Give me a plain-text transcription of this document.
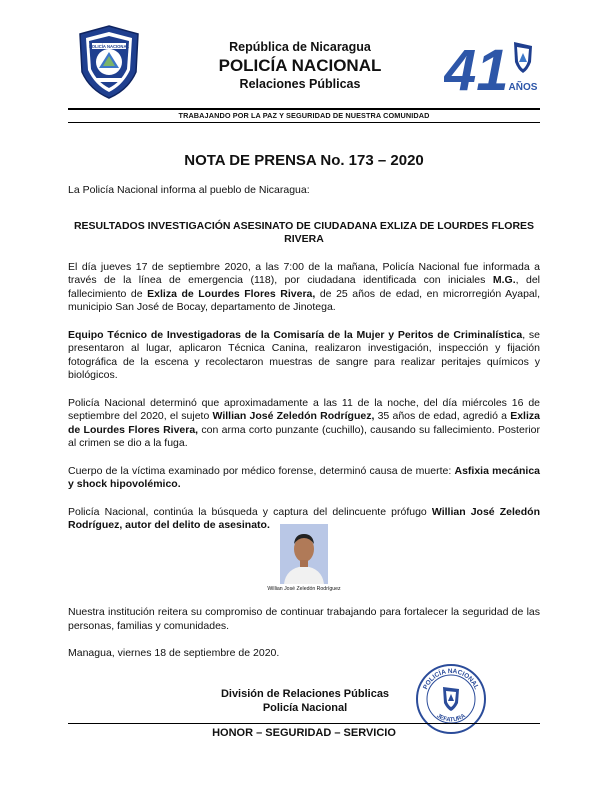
POLICÍA NACIONAL	República de Nicaragua
POLICÍA NACIONAL
Relaciones Públicas	41 AÑOS
TRABAJANDO POR LA PAZ Y SEGURIDAD DE NUESTRA COMUNIDAD
NOTA DE PRENSA No. 173 – 2020

La Policía Nacional informa al pueblo de Nicaragua:

RESULTADOS INVESTIGACIÓN ASESINATO DE CIUDADANA EXLIZA DE LOURDES FLORES RIVERA

El día jueves 17 de septiembre 2020, a las 7:00 de la mañana, Policía Nacional fue informada a través de la línea de emergencia (118), por ciudadana identificada con iniciales M.G., del fallecimiento de Exliza de Lourdes Flores Rivera, de 25 años de edad, en microrregión Ayapal, municipio San José de Bocay, departamento de Jinotega.

Equipo Técnico de Investigadoras de la Comisaría de la Mujer y Peritos de Criminalística, se presentaron al lugar, aplicaron Técnica Canina, realizaron investigación, inspección y fijación fotográfica de la escena y recolectaron muestras de sangre para realizar peritajes químicos y biológicos.

Policía Nacional determinó que aproximadamente a las 11 de la noche, del día miércoles 16 de septiembre del 2020, el sujeto Willian José Zeledón Rodríguez, 35 años de edad, agredió a Exliza de Lourdes Flores Rivera, con arma corto punzante (cuchillo), causando su fallecimiento. Posterior al crimen se dio a la fuga.

Cuerpo de la víctima examinado por médico forense, determinó causa de muerte: Asfixia mecánica y shock hipovolémico.

Policía Nacional, continúa la búsqueda y captura del delincuente prófugo Willian José Zeledón Rodríguez, autor del delito de asesinato.

Willian José Zeledón Rodríguez

Nuestra institución reitera su compromiso de continuar trabajando para fortalecer la seguridad de las personas, familias y comunidades.

Managua, viernes 18 de septiembre de 2020.

División de Relaciones Públicas
Policía Nacional
POLICÍA NACIONAL
JEFATURA
HONOR – SEGURIDAD – SERVICIO
